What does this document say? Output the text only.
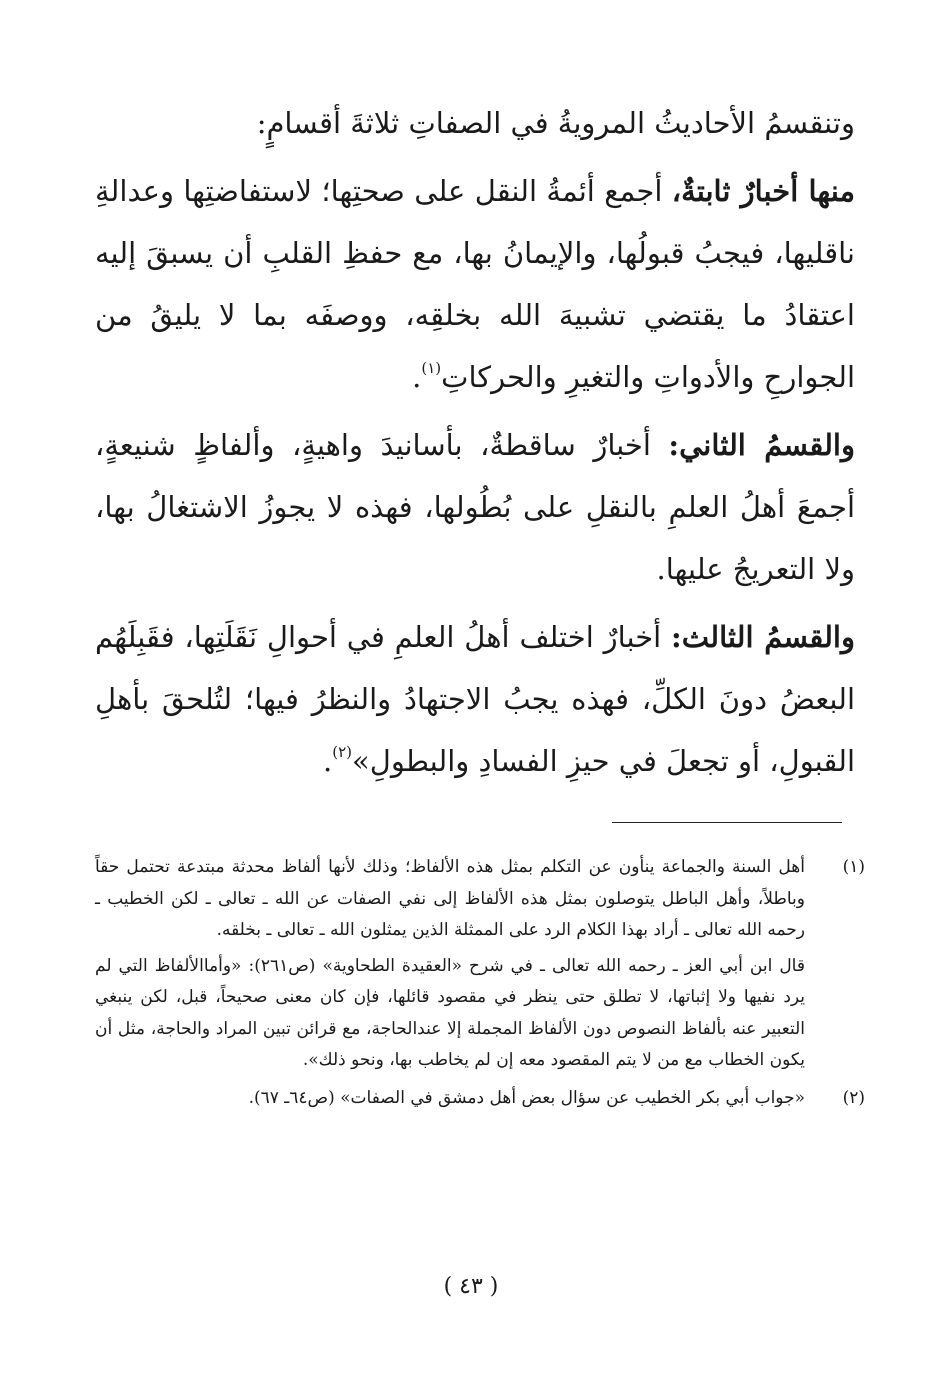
وتنقسمُ الأحاديثُ المرويةُ في الصفاتِ ثلاثةَ أقسامٍ:

منها أخبارٌ ثابتةٌ، أجمع أئمةُ النقل على صحتِها؛ لاستفاضتِها وعدالةِ ناقليها، فيجبُ قبولُها، والإيمانُ بها، مع حفظِ القلبِ أن يسبقَ إليه اعتقادُ ما يقتضي تشبيهَ الله بخلقِه، ووصفَه بما لا يليقُ من الجوارحِ والأدواتِ والتغيرِ والحركاتِ$^{(١)}$.

والقسمُ الثاني: أخبارٌ ساقطةٌ، بأسانيدَ واهيةٍ، وألفاظٍ شنيعةٍ، أجمعَ أهلُ العلمِ بالنقلِ على بُطُولها، فهذه لا يجوزُ الاشتغالُ بها، ولا التعريجُ عليها.

والقسمُ الثالث: أخبارٌ اختلف أهلُ العلمِ في أحوالِ نَقَلَتِها، فقَبِلَهُم البعضُ دونَ الكلِّ، فهذه يجبُ الاجتهادُ والنظرُ فيها؛ لتُلحقَ بأهلِ القبولِ، أو تجعلَ في حيزِ الفسادِ والبطولِ»$^{(٢)}$.

(١)

أهل السنة والجماعة ينأون عن التكلم بمثل هذه الألفاظ؛ وذلك لأنها ألفاظ محدثة مبتدعة تحتمل حقاً وباطلاً، وأهل الباطل يتوصلون بمثل هذه الألفاظ إلى نفي الصفات عن الله ـ تعالى ـ لكن الخطيب ـ رحمه الله تعالى ـ أراد بهذا الكلام الرد على الممثلة الذين يمثلون الله ـ تعالى ـ بخلقه.

قال ابن أبي العز ـ رحمه الله تعالى ـ في شرح «العقيدة الطحاوية» (ص٢٦١): «وأماالألفاظ التي لم يرد نفيها ولا إثباتها، لا تطلق حتى ينظر في مقصود قائلها، فإن كان معنى صحيحاً، قبل، لكن ينبغي التعبير عنه بألفاظ النصوص دون الألفاظ المجملة إلا عندالحاجة، مع قرائن تبين المراد والحاجة، مثل أن يكون الخطاب مع من لا يتم المقصود معه إن لم يخاطب بها، ونحو ذلك».

(٢)

«جواب أبي بكر الخطيب عن سؤال بعض أهل دمشق في الصفات» (ص٦٤ـ ٦٧).

( ٤٣ )
